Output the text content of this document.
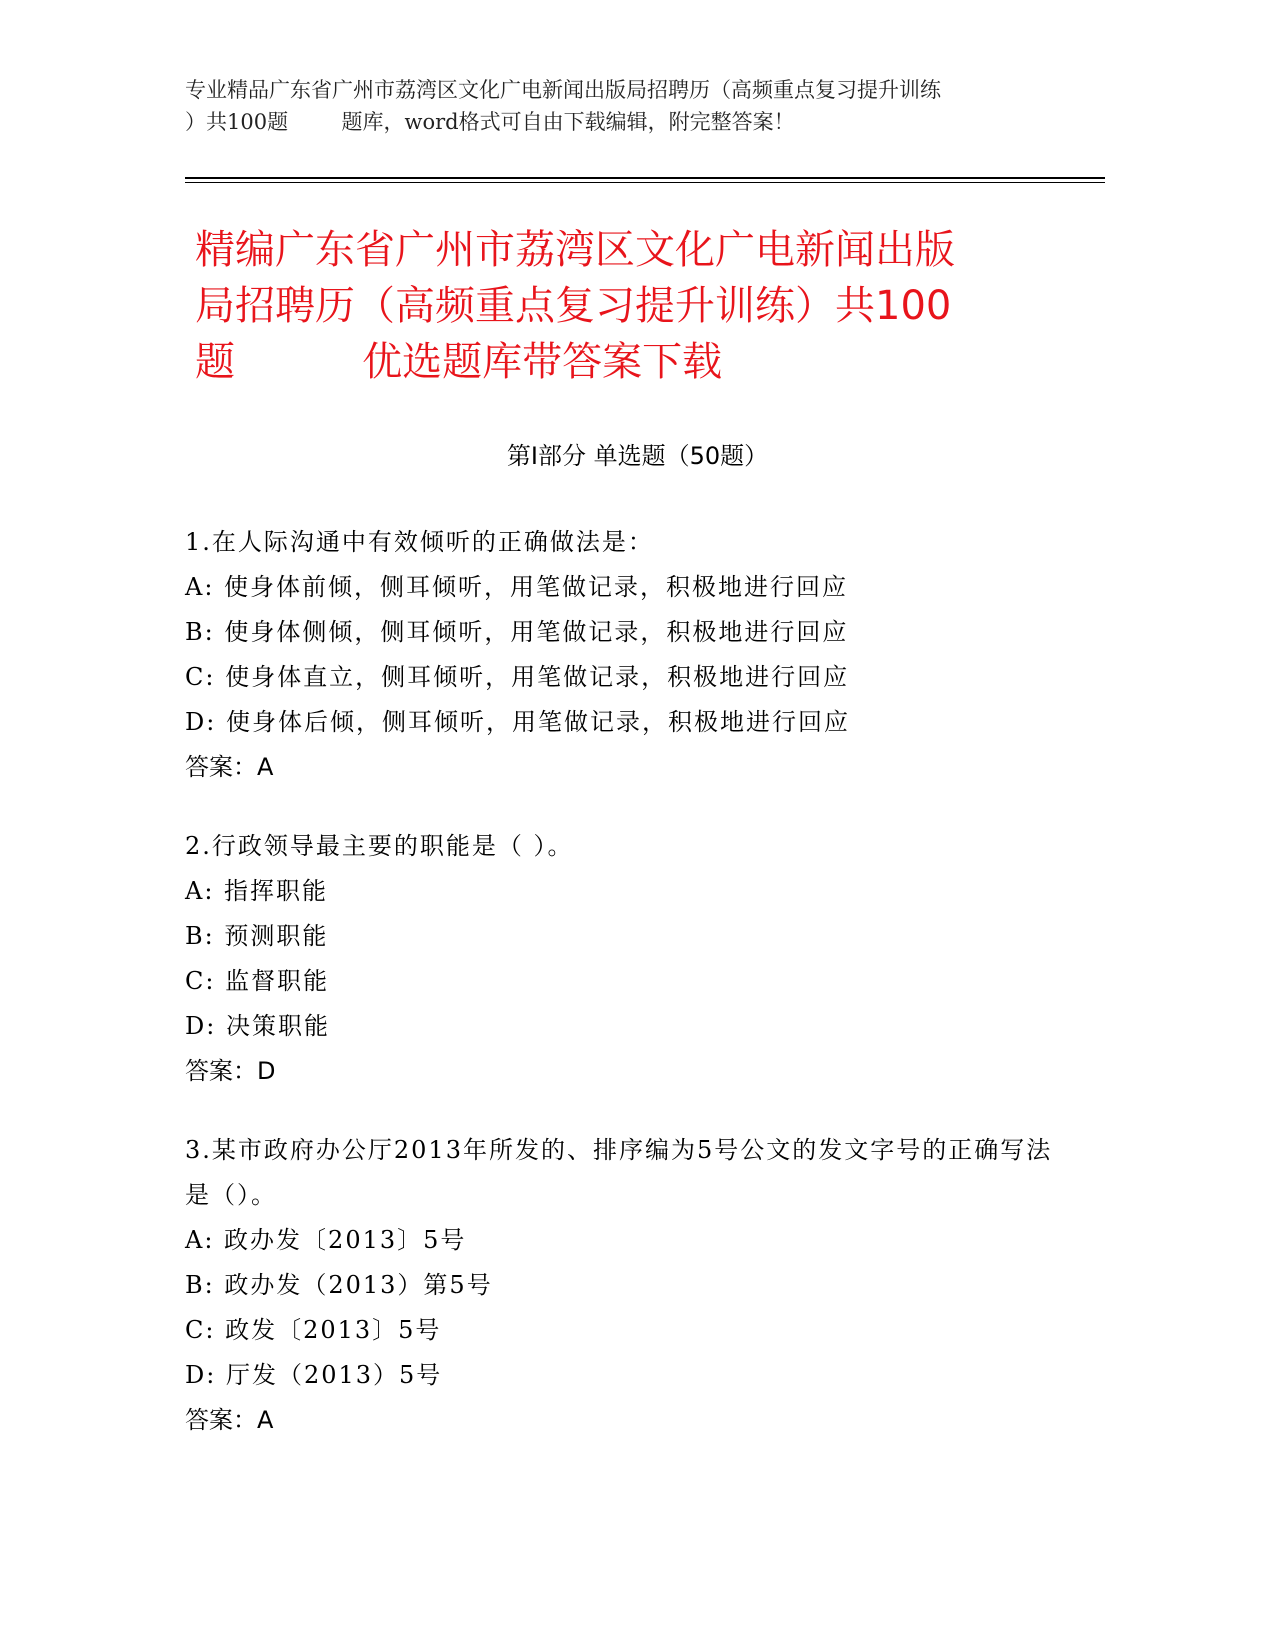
专业精品广东省广州市荔湾区文化广电新闻出版局招聘历（高频重点复习提升训练
）共100题        题库，word格式可自由下载编辑，附完整答案！
精编广东省广州市荔湾区文化广电新闻出版
局招聘历（高频重点复习提升训练）共100
题          优选题库带答案下载
第Ⅰ部分 单选题（50题）
1.在人际沟通中有效倾听的正确做法是：
A: 使身体前倾，侧耳倾听，用笔做记录，积极地进行回应
B: 使身体侧倾，侧耳倾听，用笔做记录，积极地进行回应
C: 使身体直立，侧耳倾听，用笔做记录，积极地进行回应
D: 使身体后倾，侧耳倾听，用笔做记录，积极地进行回应
答案：A
2.行政领导最主要的职能是（ ）。
A: 指挥职能
B: 预测职能
C: 监督职能
D: 决策职能
答案：D
3.某市政府办公厅2013年所发的、排序编为5号公文的发文字号的正确写法是（）。
A: 政办发〔2013〕5号
B: 政办发（2013）第5号
C: 政发〔2013〕5号
D: 厅发（2013）5号
答案：A
